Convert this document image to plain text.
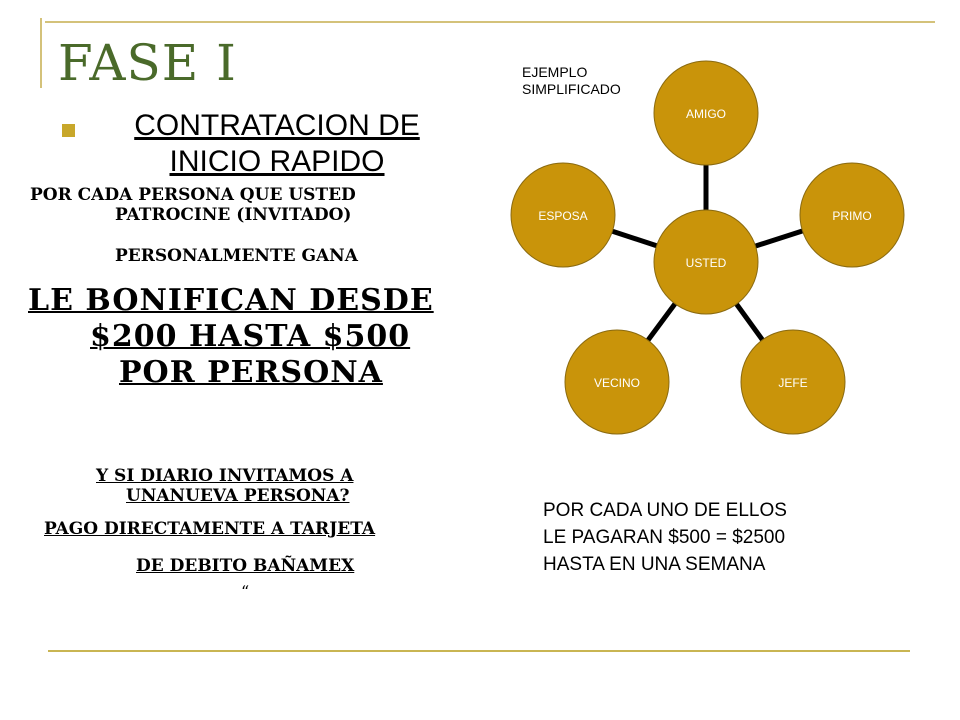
FASE I
CONTRATACION DE INICIO RAPIDO
POR CADA PERSONA QUE USTED
PATROCINE (INVITADO)
PERSONALMENTE GANA
LE BONIFICAN DESDE
$200 HASTA $500
POR PERSONA
Y SI DIARIO INVITAMOS A
UNANUEVA PERSONA?
PAGO DIRECTAMENTE A TARJETA
DE DEBITO BAÑAMEX
“
EJEMPLO
SIMPLIFICADO
AMIGO
PRIMO
JEFE
VECINO
ESPOSA
USTED
POR CADA UNO DE ELLOS
LE PAGARAN $500 = $2500
HASTA EN UNA SEMANA
